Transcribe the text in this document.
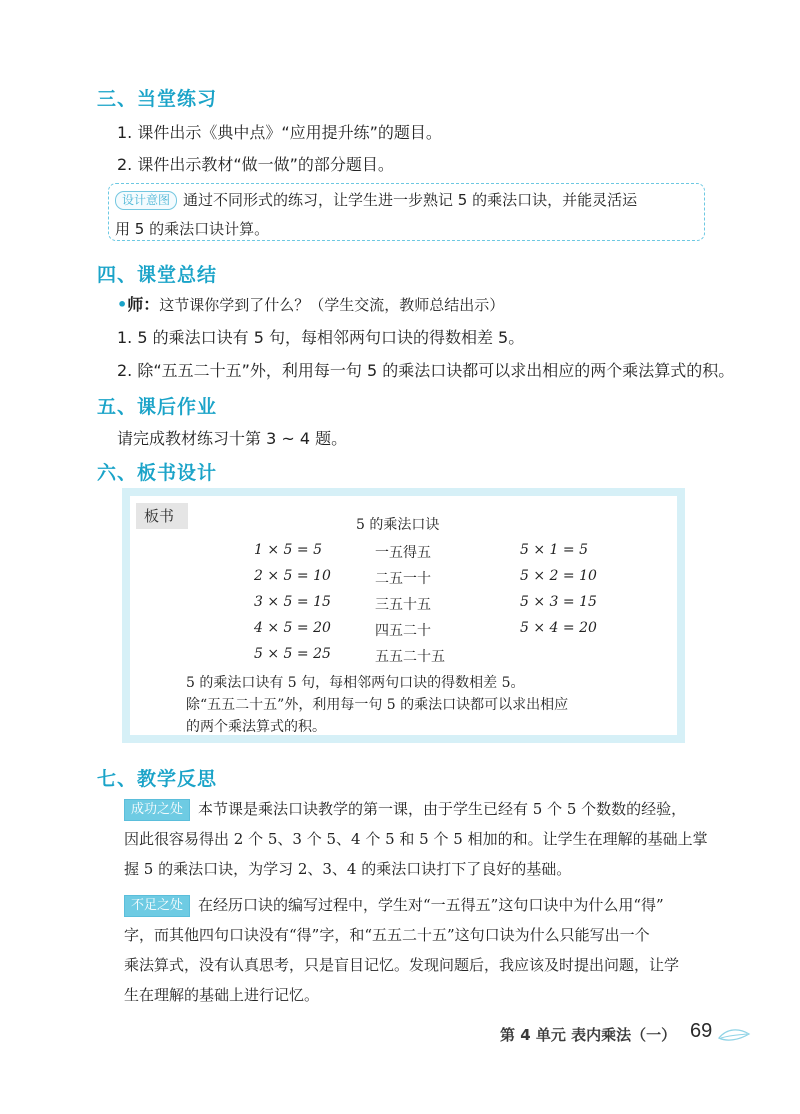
三、当堂练习
1. 课件出示《典中点》“应用提升练”的题目。
2. 课件出示教材“做一做”的部分题目。
设计意图 通过不同形式的练习，让学生进一步熟记 5 的乘法口诀，并能灵活运
用 5 的乘法口诀计算。
四、课堂总结
•师：这节课你学到了什么？（学生交流，教师总结出示）
1. 5 的乘法口诀有 5 句，每相邻两句口诀的得数相差 5。
2. 除“五五二十五”外，利用每一句 5 的乘法口诀都可以求出相应的两个乘法算式的积。
五、课后作业
请完成教材练习十第 3 ~ 4 题。
六、板书设计
板书	5 的乘法口诀
1 × 5 = 5	一五得五	5 × 1 = 5
2 × 5 = 10	二五一十	5 × 2 = 10
3 × 5 = 15	三五十五	5 × 3 = 15
4 × 5 = 20	四五二十	5 × 4 = 20
5 × 5 = 25	五五二十五
5 的乘法口诀有 5 句，每相邻两句口诀的得数相差 5。
除“五五二十五”外，利用每一句 5 的乘法口诀都可以求出相应
的两个乘法算式的积。
七、教学反思
成功之处 本节课是乘法口诀教学的第一课，由于学生已经有 5 个 5 个数数的经验，
因此很容易得出 2 个 5、3 个 5、4 个 5 和 5 个 5 相加的和。让学生在理解的基础上掌
握 5 的乘法口诀，为学习 2、3、4 的乘法口诀打下了良好的基础。
不足之处 在经历口诀的编写过程中，学生对“一五得五”这句口诀中为什么用“得”
字，而其他四句口诀没有“得”字，和“五五二十五”这句口诀为什么只能写出一个
乘法算式，没有认真思考，只是盲目记忆。发现问题后，我应该及时提出问题，让学
生在理解的基础上进行记忆。
第 4 单元 表内乘法（一） 69
